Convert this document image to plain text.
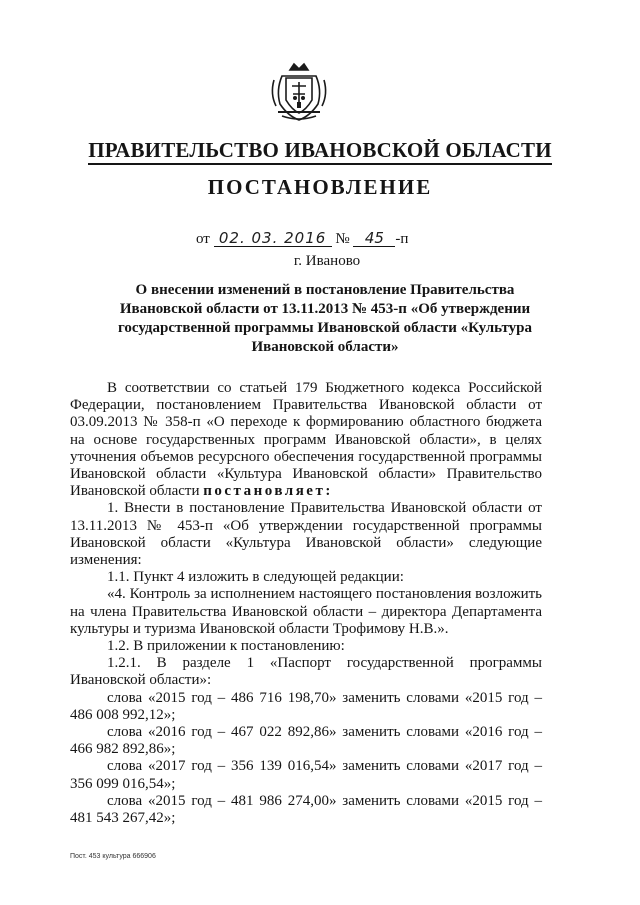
ПРАВИТЕЛЬСТВО ИВАНОВСКОЙ ОБЛАСТИ
ПОСТАНОВЛЕНИЕ
от 02. 03. 2016 № 45 -п
г. Иваново
О внесении изменений в постановление Правительства
Ивановской области от 13.11.2013 № 453-п «Об утверждении
государственной программы Ивановской области «Культура
Ивановской области»

В соответствии со статьей 179 Бюджетного кодекса Российской Федерации, постановлением Правительства Ивановской области от 03.09.2013 № 358-п «О переходе к формированию областного бюджета на основе государственных программ Ивановской области», в целях уточнения объемов ресурсного обеспечения государственной программы Ивановской области «Культура Ивановской области» Правительство Ивановской области постановляет:

1. Внести в постановление Правительства Ивановской области от 13.11.2013 № 453-п «Об утверждении государственной программы Ивановской области «Культура Ивановской области» следующие изменения:

1.1. Пункт 4 изложить в следующей редакции:

«4. Контроль за исполнением настоящего постановления возложить на члена Правительства Ивановской области – директора Департамента культуры и туризма Ивановской области Трофимову Н.В.».

1.2. В приложении к постановлению:

1.2.1. В разделе 1 «Паспорт государственной программы Ивановской области»:

слова «2015 год – 486 716 198,70» заменить словами «2015 год – 486 008 992,12»;

слова «2016 год – 467 022 892,86» заменить словами «2016 год – 466 982 892,86»;

слова «2017 год – 356 139 016,54» заменить словами «2017 год – 356 099 016,54»;

слова «2015 год – 481 986 274,00» заменить словами «2015 год – 481 543 267,42»;

Пост. 453 культура 666906
